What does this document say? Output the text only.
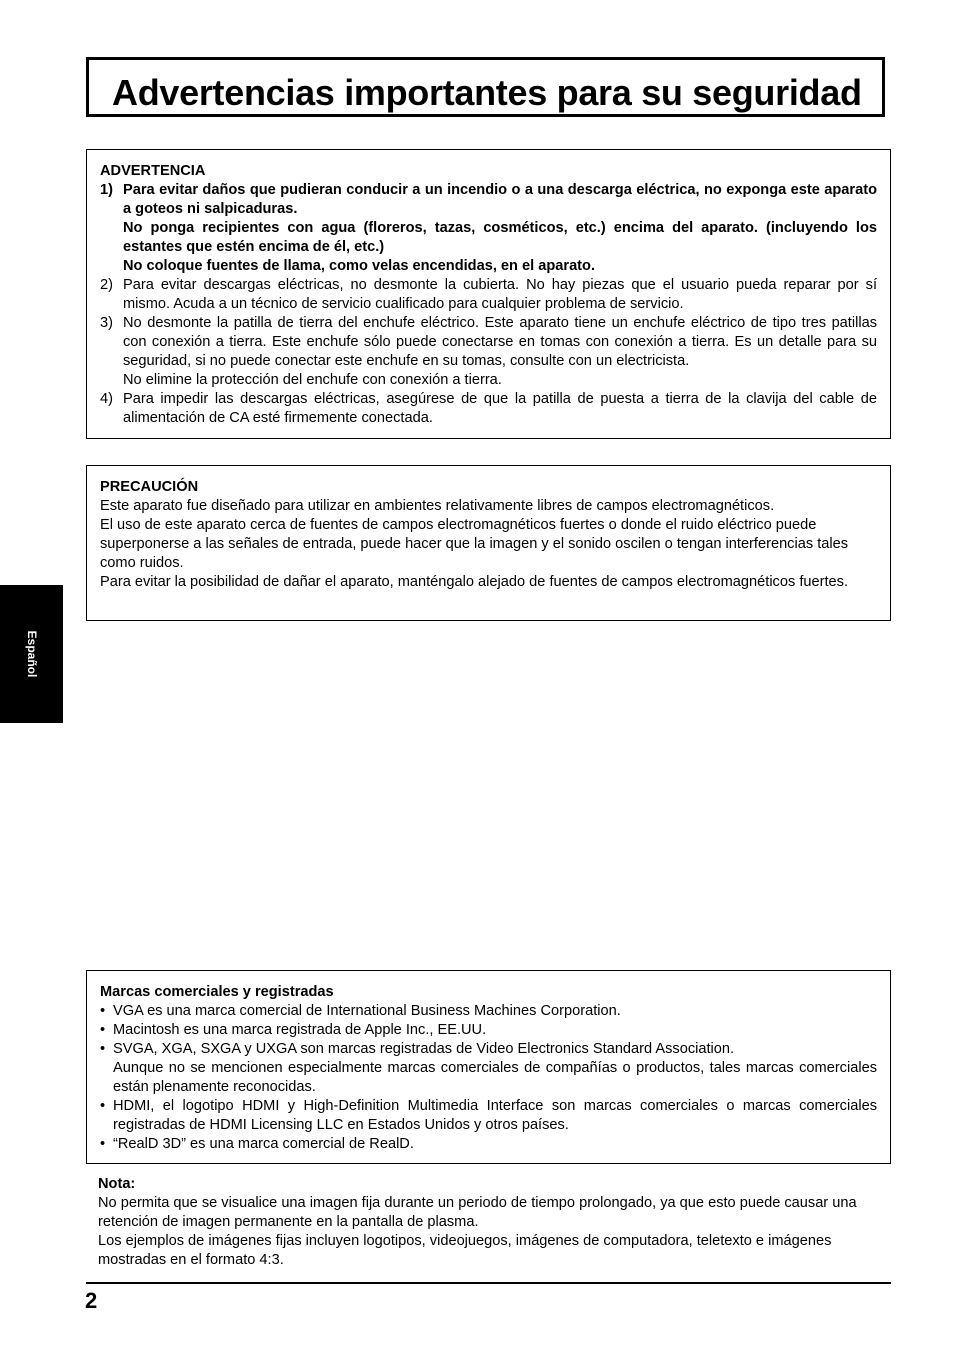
Advertencias importantes para su seguridad
ADVERTENCIA
1) Para evitar daños que pudieran conducir a un incendio o a una descarga eléctrica, no exponga este aparato a goteos ni salpicaduras.
No ponga recipientes con agua (floreros, tazas, cosméticos, etc.) encima del aparato. (incluyendo los estantes que estén encima de él, etc.)
No coloque fuentes de llama, como velas encendidas, en el aparato.
2) Para evitar descargas eléctricas, no desmonte la cubierta. No hay piezas que el usuario pueda reparar por sí mismo. Acuda a un técnico de servicio cualificado para cualquier problema de servicio.
3) No desmonte la patilla de tierra del enchufe eléctrico. Este aparato tiene un enchufe eléctrico de tipo tres patillas con conexión a tierra. Este enchufe sólo puede conectarse en tomas con conexión a tierra. Es un detalle para su seguridad, si no puede conectar este enchufe en su tomas, consulte con un electricista.
No elimine la protección del enchufe con conexión a tierra.
4) Para impedir las descargas eléctricas, asegúrese de que la patilla de puesta a tierra de la clavija del cable de alimentación de CA esté firmemente conectada.
PRECAUCIÓN

Este aparato fue diseñado para utilizar en ambientes relativamente libres de campos electromagnéticos.

El uso de este aparato cerca de fuentes de campos electromagnéticos fuertes o donde el ruido eléctrico puede superponerse a las señales de entrada, puede hacer que la imagen y el sonido oscilen o tengan interferencias tales como ruidos.

Para evitar la posibilidad de dañar el aparato, manténgalo alejado de fuentes de campos electromagnéticos fuertes.

Español
Marcas comerciales y registradas
• VGA es una marca comercial de International Business Machines Corporation.
• Macintosh es una marca registrada de Apple Inc., EE.UU.
• SVGA, XGA, SXGA y UXGA son marcas registradas de Video Electronics Standard Association.
Aunque no se mencionen especialmente marcas comerciales de compañías o productos, tales marcas comerciales están plenamente reconocidas.
• HDMI, el logotipo HDMI y High-Definition Multimedia Interface son marcas comerciales o marcas comerciales registradas de HDMI Licensing LLC en Estados Unidos y otros países.
• “RealD 3D” es una marca comercial de RealD.
Nota:

No permita que se visualice una imagen fija durante un periodo de tiempo prolongado, ya que esto puede causar una retención de imagen permanente en la pantalla de plasma.

Los ejemplos de imágenes fijas incluyen logotipos, videojuegos, imágenes de computadora, teletexto e imágenes mostradas en el formato 4:3.

2
